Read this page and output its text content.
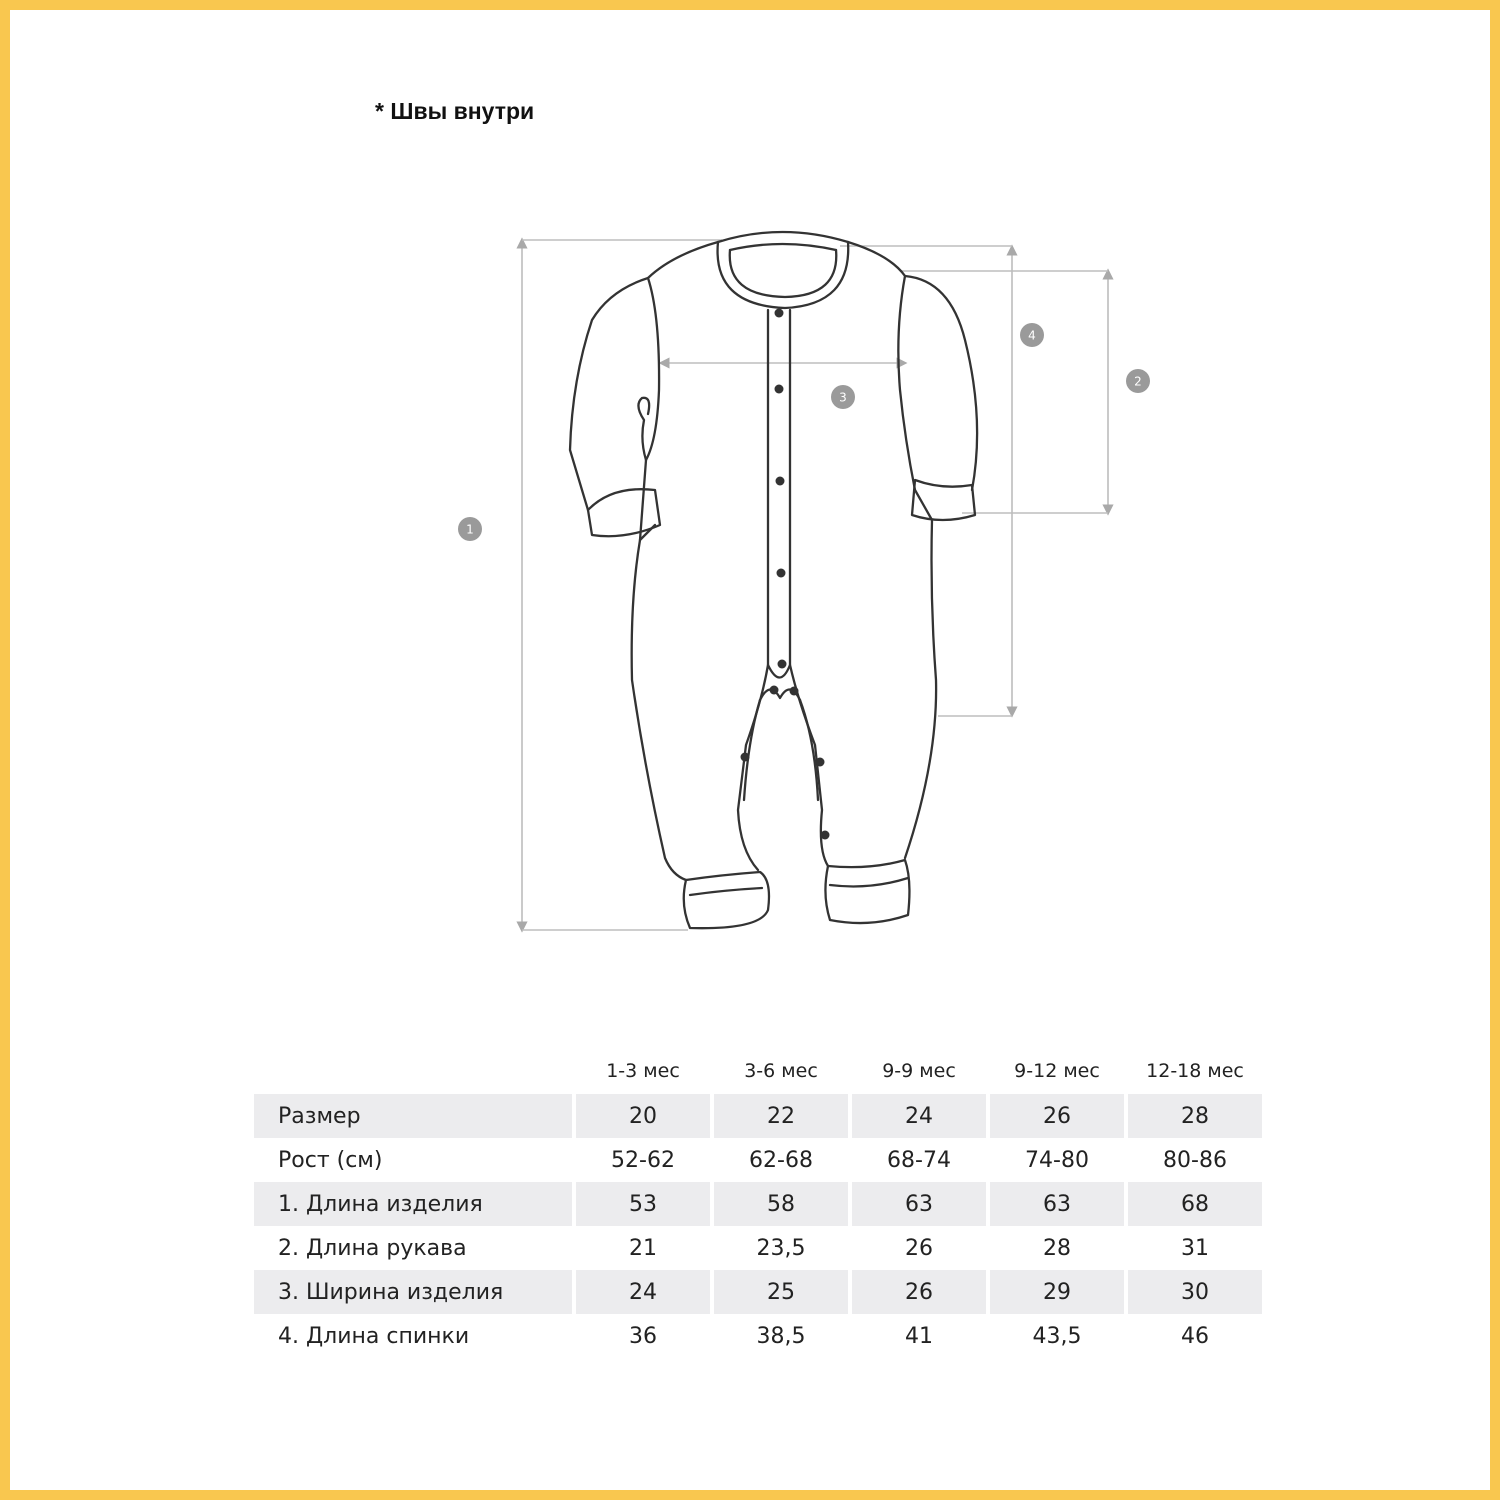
* Швы внутри
1
2
3
4
	1-3 мес	3-6 мес	9-9 мес	9-12 мес	12-18 мес
Размер	20	22	24	26	28
Рост (см)	52-62	62-68	68-74	74-80	80-86
1. Длина изделия	53	58	63	63	68
2. Длина рукава	21	23,5	26	28	31
3. Ширина изделия	24	25	26	29	30
4. Длина спинки	36	38,5	41	43,5	46
